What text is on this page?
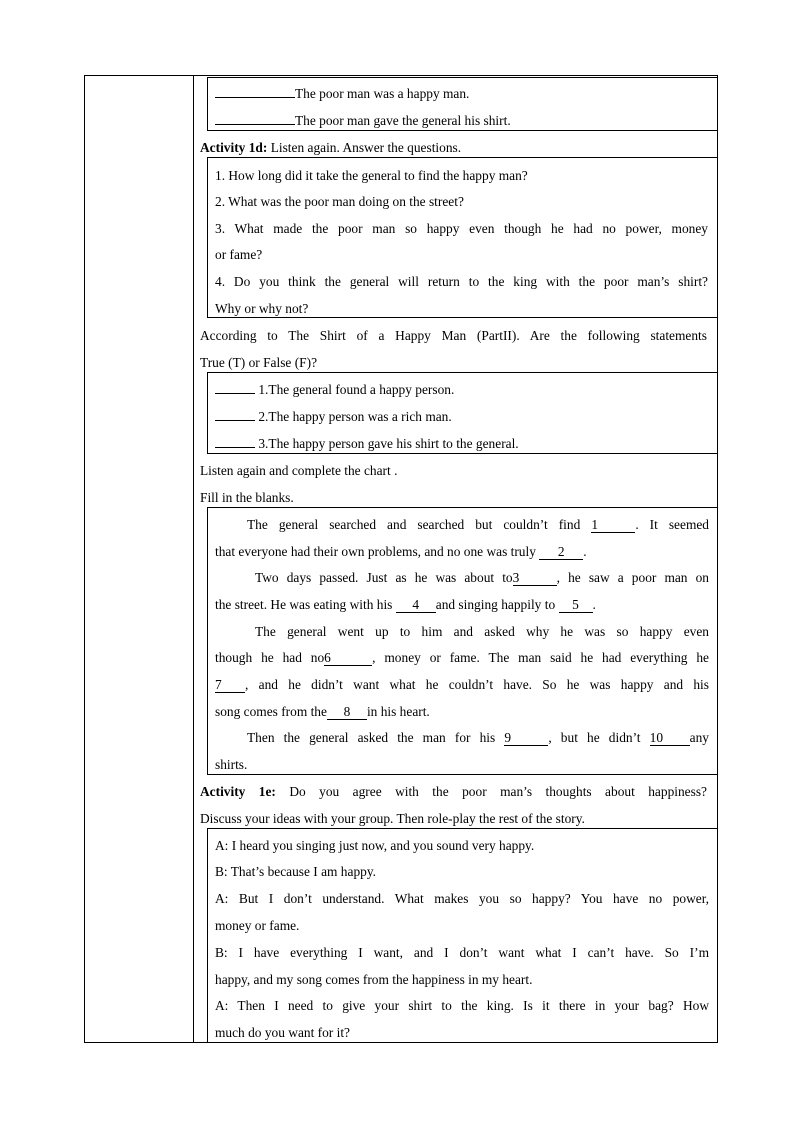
The poor man was a happy man.
The poor man gave the general his shirt.
Activity 1d: Listen again. Answer the questions.
1. How long did it take the general to find the happy man?
2. What was the poor man doing on the street?
3. What made the poor man so happy even though he had no power, money
or fame?
4. Do you think the general will return to the king with the poor man’s shirt?
Why or why not?
According to The Shirt of a Happy Man (PartII). Are the following statements
True (T) or False (F)?
1.The general found a happy person.
2.The happy person was a rich man.
3.The happy person gave his shirt to the general.
Listen again and complete the chart .
Fill in the blanks.
The general searched and searched but couldn’t find 1	. It seemed
that everyone had their own problems, and no one was truly 2 .
Two days passed. Just as he was about to3	, he saw a poor man on
the street. He was eating with his 4 and singing happily to 5 .
The general went up to him and asked why he was so happy even
though he had no6	, money or fame. The man said he had everything he
7 , and he didn’t want what he couldn’t have. So he was happy and his
song comes from the 8 in his heart.
Then the general asked the man for his 9	, but he didn’t 10 any
shirts.
Activity 1e: Do you agree with the poor man’s thoughts about happiness?
Discuss your ideas with your group. Then role-play the rest of the story.
A: I heard you singing just now, and you sound very happy.
B: That’s because I am happy.
A: But I don’t understand. What makes you so happy? You have no power,
money or fame.
B: I have everything I want, and I don’t want what I can’t have. So I’m
happy, and my song comes from the happiness in my heart.
A: Then I need to give your shirt to the king. Is it there in your bag? How
much do you want for it?
